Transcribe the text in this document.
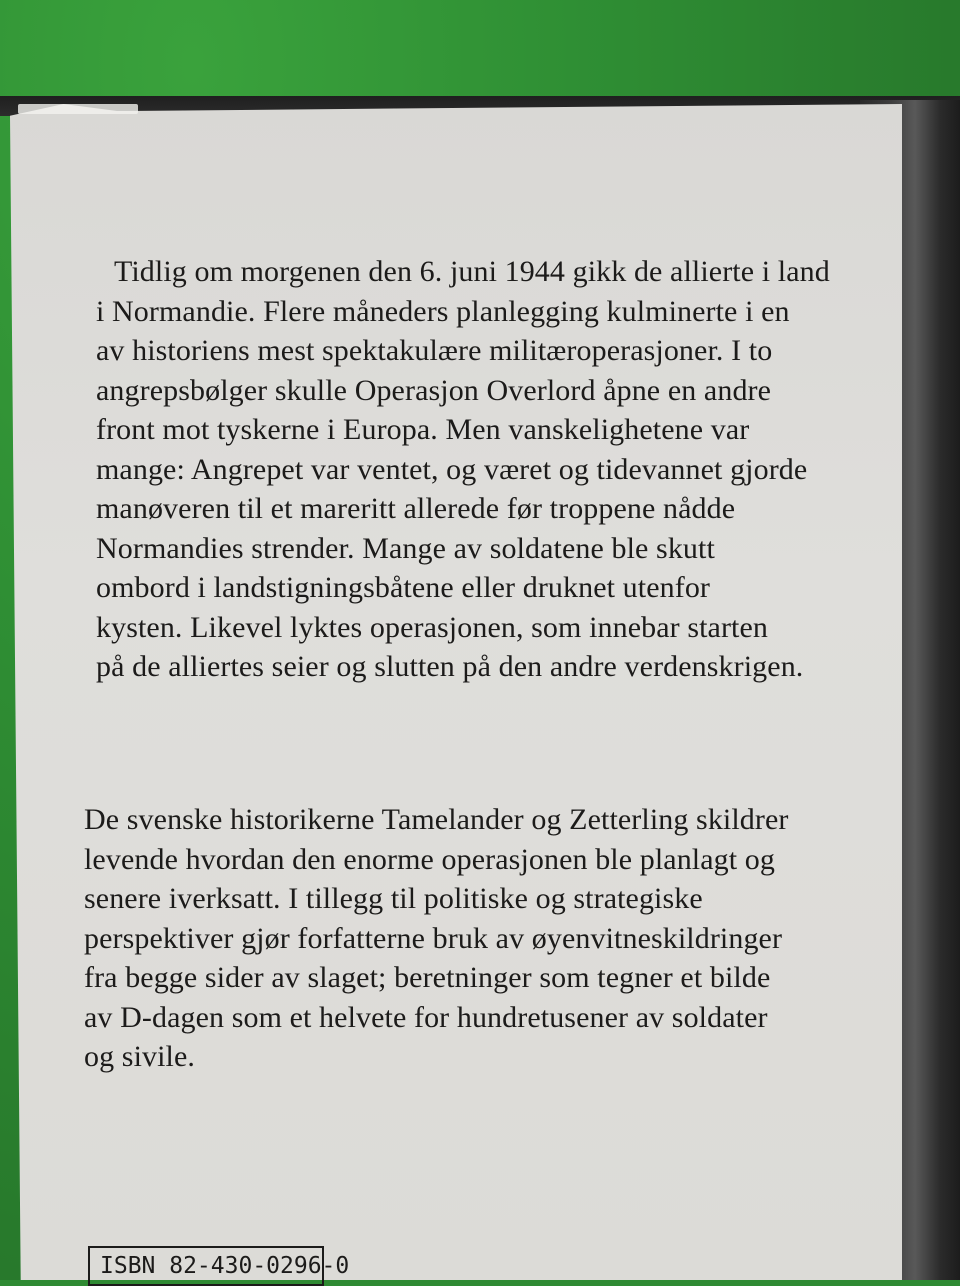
Tidlig om morgenen den 6. juni 1944 gikk de allierte i land
i Normandie. Flere måneders planlegging kulminerte i en
av historiens mest spektakulære militæroperasjoner. I to
angrepsbølger skulle Operasjon Overlord åpne en andre
front mot tyskerne i Europa. Men vanskelighetene var
mange: Angrepet var ventet, og været og tidevannet gjorde
manøveren til et mareritt allerede før troppene nådde
Normandies strender. Mange av soldatene ble skutt
ombord i landstigningsbåtene eller druknet utenfor
kysten. Likevel lyktes operasjonen, som innebar starten
på de alliertes seier og slutten på den andre verdenskrigen.

De svenske historikerne Tamelander og Zetterling skildrer
levende hvordan den enorme operasjonen ble planlagt og
senere iverksatt. I tillegg til politiske og strategiske
perspektiver gjør forfatterne bruk av øyenvitneskildringer
fra begge sider av slaget; beretninger som tegner et bilde
av D-dagen som et helvete for hundretusener av soldater
og sivile.

ISBN 82-430-0296-0
